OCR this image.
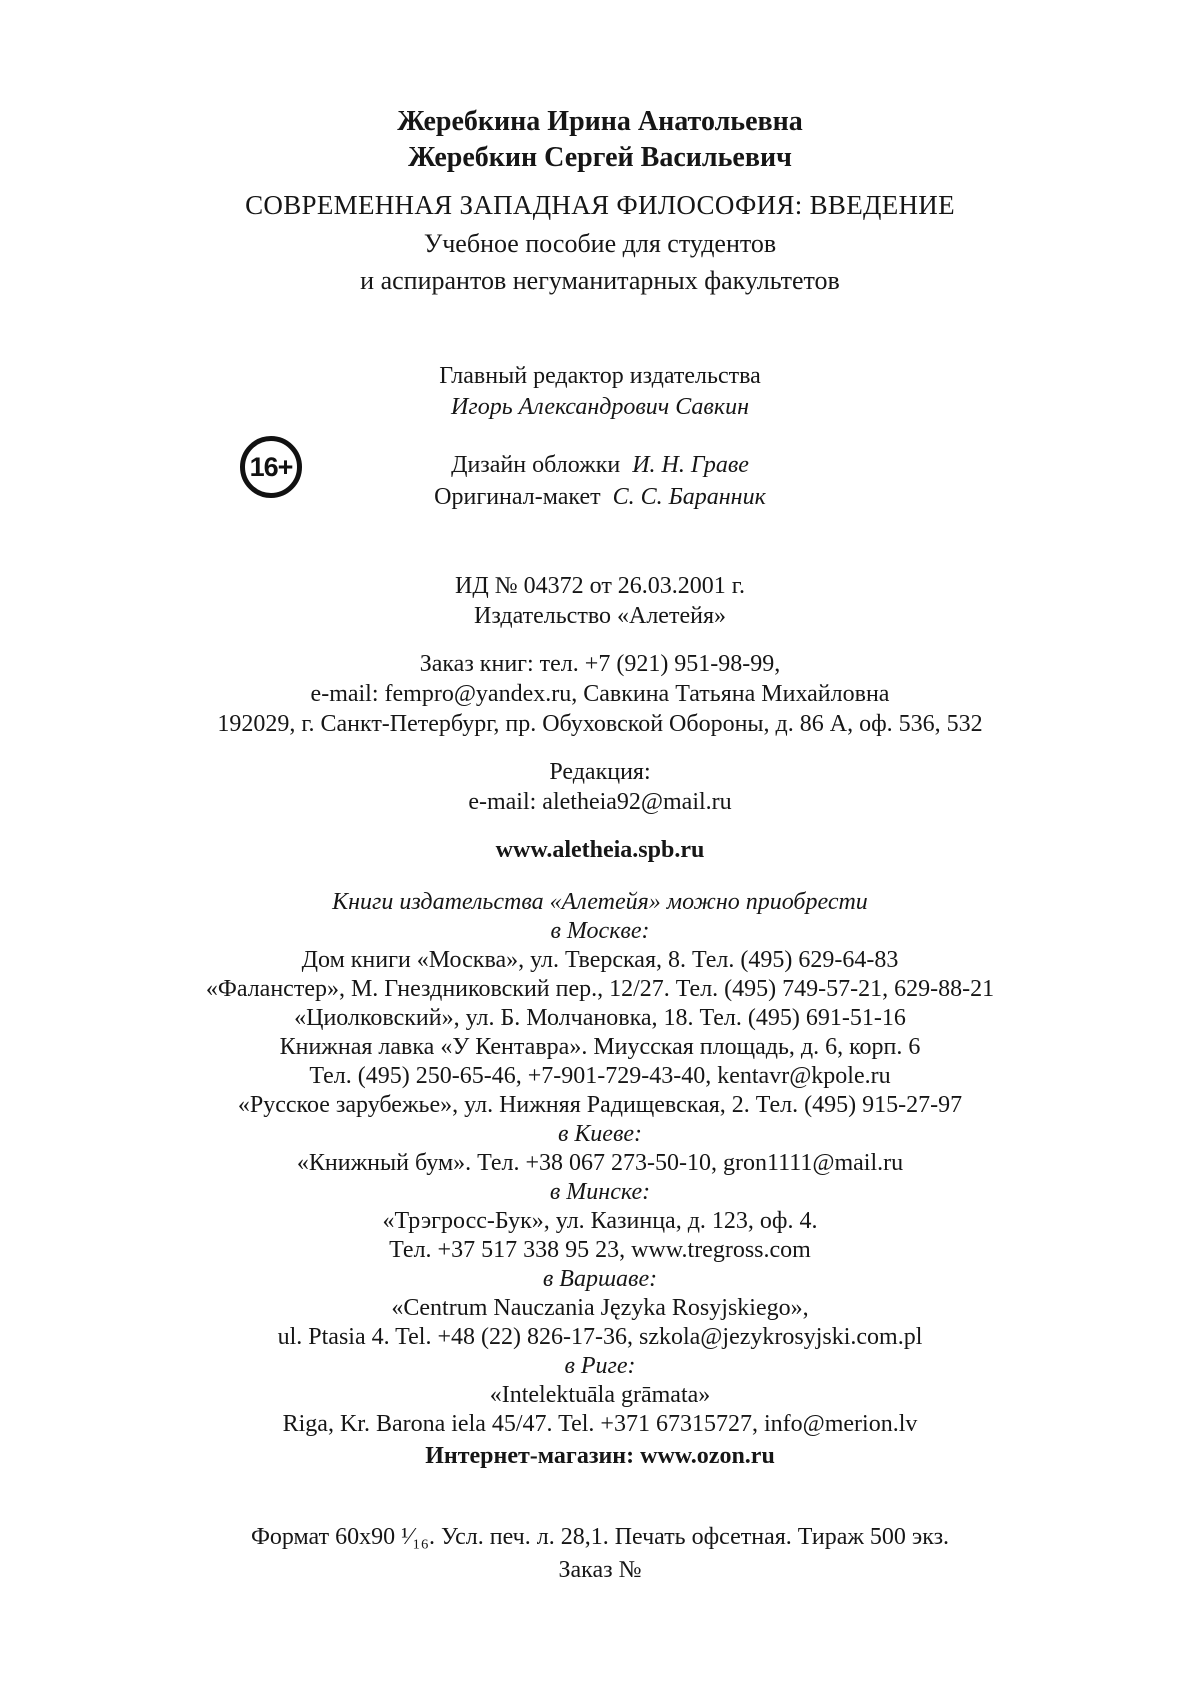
Жеребкина Ирина Анатольевна
Жеребкин Сергей Васильевич
СОВРЕМЕННАЯ ЗАПАДНАЯ ФИЛОСОФИЯ: ВВЕДЕНИЕ
Учебное пособие для студентов
и аспирантов негуманитарных факультетов
Главный редактор издательства
Игорь Александрович Савкин
16+	Дизайн обложки И. Н. Граве
Оригинал-макет С. С. Баранник
ИД № 04372 от 26.03.2001 г.
Издательство «Алетейя»
Заказ книг: тел. +7 (921) 951-98-99,
e-mail: fempro@yandex.ru, Савкина Татьяна Михайловна
192029, г. Санкт-Петербург, пр. Обуховской Обороны, д. 86 А, оф. 536, 532
Редакция:
e-mail: aletheia92@mail.ru
www.aletheia.spb.ru
Книги издательства «Алетейя» можно приобрести
в Москве:
Дом книги «Москва», ул. Тверская, 8. Тел. (495) 629-64-83
«Фаланстер», М. Гнездниковский пер., 12/27. Тел. (495) 749-57-21, 629-88-21
«Циолковский», ул. Б. Молчановка, 18. Тел. (495) 691-51-16
Книжная лавка «У Кентавра». Миусская площадь, д. 6, корп. 6
Тел. (495) 250-65-46, +7-901-729-43-40, kentavr@kpole.ru
«Русское зарубежье», ул. Нижняя Радищевская, 2. Тел. (495) 915-27-97
в Киеве:
«Книжный бум». Тел. +38 067 273-50-10, gron1111@mail.ru
в Минске:
«Трэгросс-Бук», ул. Казинца, д. 123, оф. 4.
Тел. +37 517 338 95 23, www.tregross.com
в Варшаве:
«Centrum Nauczania Języka Rosyjskiego»,
ul. Ptasia 4. Tel. +48 (22) 826-17-36, szkola@jezykrosyjski.com.pl
в Риге:
«Intelektuāla grāmata»
Riga, Kr. Barona iela 45/47. Tel. +371 67315727, info@merion.lv
Интернет-магазин: www.ozon.ru
Формат 60х90 ¹⁄₁₆. Усл. печ. л. 28,1. Печать офсетная. Тираж 500 экз.
Заказ №
